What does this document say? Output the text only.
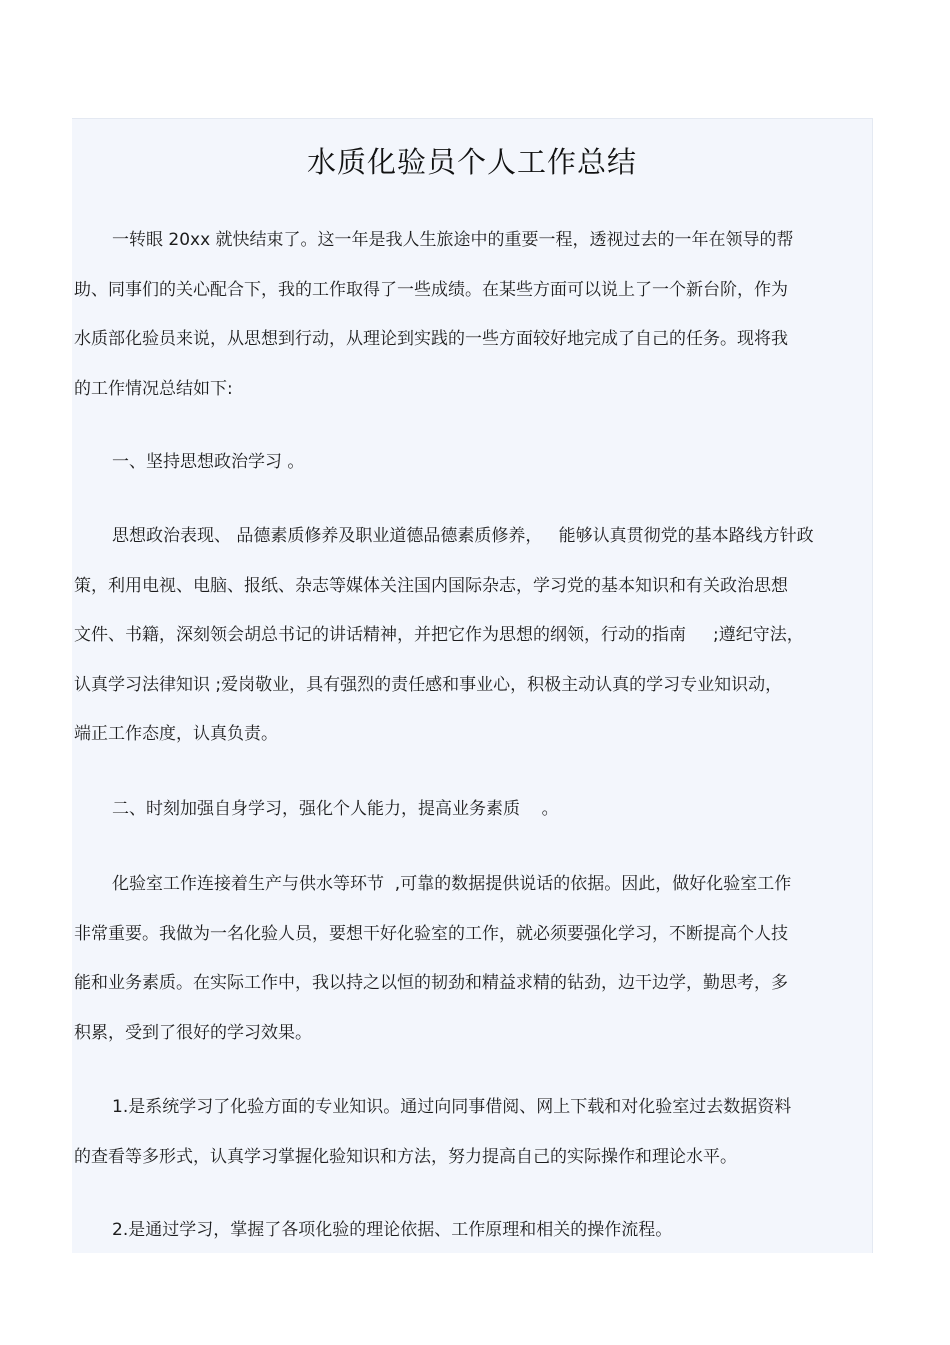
水质化验员个人工作总结
一转眼 20xx 就快结束了。这一年是我人生旅途中的重要一程，透视过去的一年在领导的帮
助、同事们的关心配合下，我的工作取得了一些成绩。在某些方面可以说上了一个新台阶，作为
水质部化验员来说，从思想到行动，从理论到实践的一些方面较好地完成了自己的任务。现将我
的工作情况总结如下:
一、坚持思想政治学习 。
思想政治表现、 品德素质修养及职业道德品德素质修养，   能够认真贯彻党的基本路线方针政
策，利用电视、电脑、报纸、杂志等媒体关注国内国际杂志，学习党的基本知识和有关政治思想
文件、书籍，深刻领会胡总书记的讲话精神，并把它作为思想的纲领，行动的指南     ;遵纪守法，
认真学习法律知识 ;爱岗敬业，具有强烈的责任感和事业心，积极主动认真的学习专业知识动，
端正工作态度，认真负责。
二、时刻加强自身学习，强化个人能力，提高业务素质    。
化验室工作连接着生产与供水等环节  ,可靠的数据提供说话的依据。因此，做好化验室工作
非常重要。我做为一名化验人员，要想干好化验室的工作，就必须要强化学习，不断提高个人技
能和业务素质。在实际工作中，我以持之以恒的韧劲和精益求精的钻劲，边干边学，勤思考，多
积累，受到了很好的学习效果。
1.是系统学习了化验方面的专业知识。通过向同事借阅、网上下载和对化验室过去数据资料
的查看等多形式，认真学习掌握化验知识和方法，努力提高自己的实际操作和理论水平。
2.是通过学习，掌握了各项化验的理论依据、工作原理和相关的操作流程。
